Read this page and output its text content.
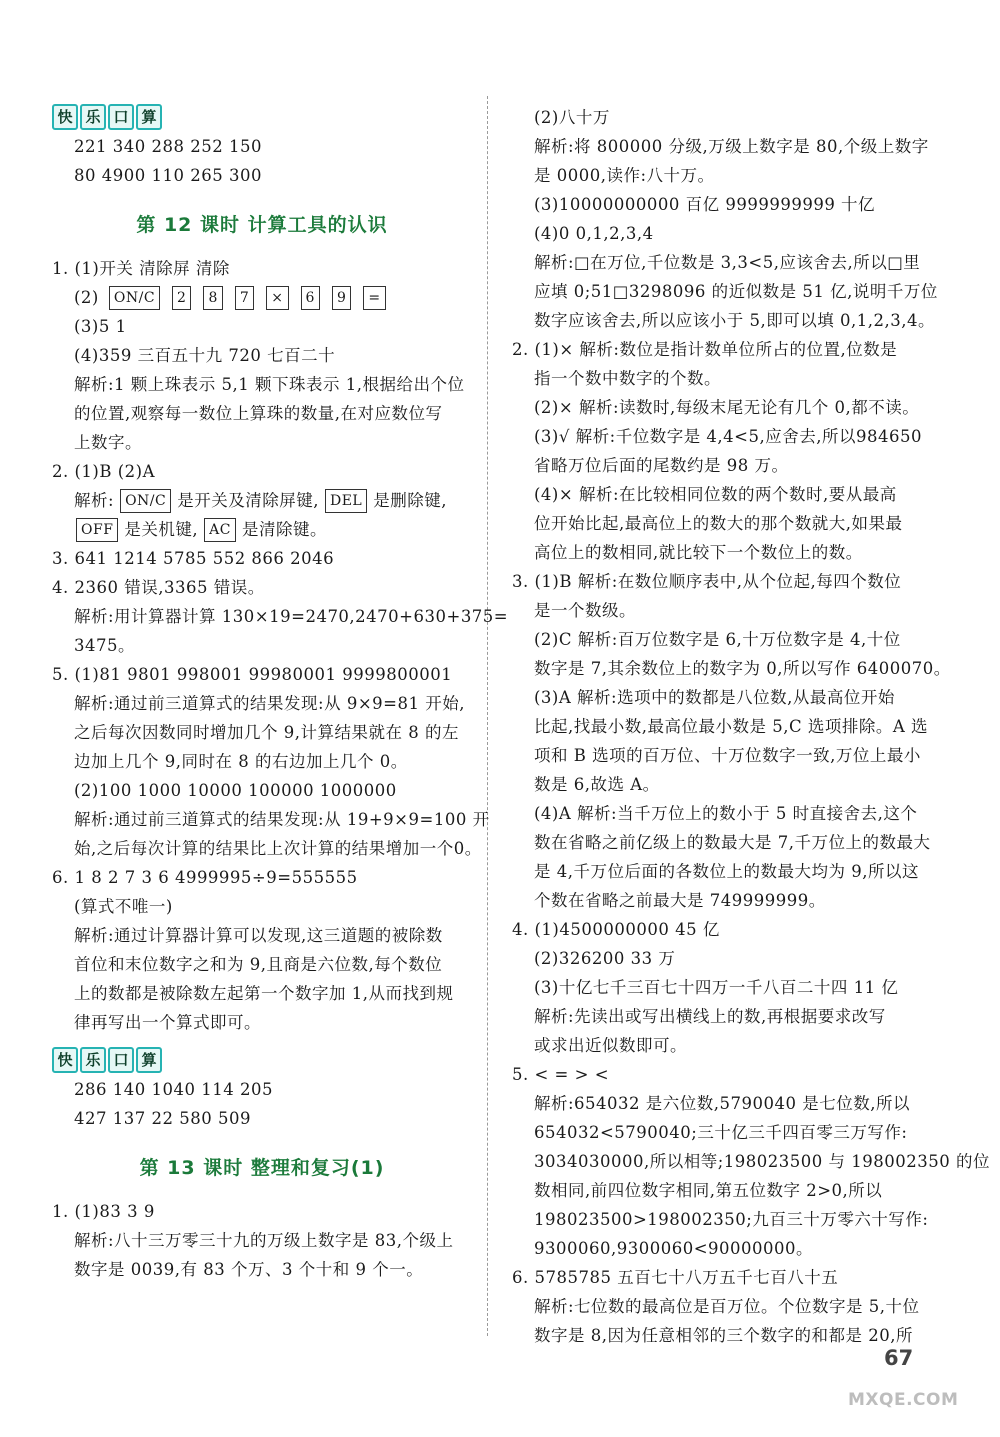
快 乐 口 算
221 340 288 252 150
80 4900 110 265 300
第 12 课时 计算工具的认识
1. (1)开关 清除屏 清除
(2)	ON/C	2	8	7	×	6	9	=
(3)5 1
(4)359 三百五十九 720 七百二十
解析:1 颗上珠表示 5,1 颗下珠表示 1,根据给出个位
的位置,观察每一数位上算珠的数量,在对应数位写
上数字。
2. (1)B (2)A
解析: ON/C 是开关及清除屏键, DEL 是删除键,
OFF 是关机键, AC 是清除键。
3. 641 1214 5785 552 866 2046
4. 2360 错误,3365 错误。
解析:用计算器计算 130×19=2470,2470+630+375=
3475。
5. (1)81 9801 998001 99980001 9999800001
解析:通过前三道算式的结果发现:从 9×9=81 开始,
之后每次因数同时增加几个 9,计算结果就在 8 的左
边加上几个 9,同时在 8 的右边加上几个 0。
(2)100 1000 10000 100000 1000000
解析:通过前三道算式的结果发现:从 19+9×9=100 开
始,之后每次计算的结果比上次计算的结果增加一个0。
6. 1 8 2 7 3 6 4999995÷9=555555
(算式不唯一)
解析:通过计算器计算可以发现,这三道题的被除数
首位和末位数字之和为 9,且商是六位数,每个数位
上的数都是被除数左起第一个数字加 1,从而找到规
律再写出一个算式即可。
快 乐 口 算
286 140 1040 114 205
427 137 22 580 509
第 13 课时 整理和复习(1)
1. (1)83 3 9
解析:八十三万零三十九的万级上数字是 83,个级上
数字是 0039,有 83 个万、3 个十和 9 个一。
(2)八十万
解析:将 800000 分级,万级上数字是 80,个级上数字
是 0000,读作:八十万。
(3)10000000000 百亿 9999999999 十亿
(4)0 0,1,2,3,4
解析:□在万位,千位数是 3,3<5,应该舍去,所以□里
应填 0;51□3298096 的近似数是 51 亿,说明千万位
数字应该舍去,所以应该小于 5,即可以填 0,1,2,3,4。
2. (1)× 解析:数位是指计数单位所占的位置,位数是
指一个数中数字的个数。
(2)× 解析:读数时,每级末尾无论有几个 0,都不读。
(3)√ 解析:千位数字是 4,4<5,应舍去,所以984650
省略万位后面的尾数约是 98 万。
(4)× 解析:在比较相同位数的两个数时,要从最高
位开始比起,最高位上的数大的那个数就大,如果最
高位上的数相同,就比较下一个数位上的数。
3. (1)B 解析:在数位顺序表中,从个位起,每四个数位
是一个数级。
(2)C 解析:百万位数字是 6,十万位数字是 4,十位
数字是 7,其余数位上的数字为 0,所以写作 6400070。
(3)A 解析:选项中的数都是八位数,从最高位开始
比起,找最小数,最高位最小数是 5,C 选项排除。A 选
项和 B 选项的百万位、十万位数字一致,万位上最小
数是 6,故选 A。
(4)A 解析:当千万位上的数小于 5 时直接舍去,这个
数在省略之前亿级上的数最大是 7,千万位上的数最大
是 4,千万位后面的各数位上的数最大均为 9,所以这
个数在省略之前最大是 749999999。
4. (1)4500000000 45 亿
(2)326200 33 万
(3)十亿七千三百七十四万一千八百二十四 11 亿
解析:先读出或写出横线上的数,再根据要求改写
或求出近似数即可。
5. < = > <
解析:654032 是六位数,5790040 是七位数,所以
654032<5790040;三十亿三千四百零三万写作:
3034030000,所以相等;198023500 与 198002350 的位
数相同,前四位数字相同,第五位数字 2>0,所以
198023500>198002350;九百三十万零六十写作:
9300060,9300060<90000000。
6. 5785785 五百七十八万五千七百八十五
解析:七位数的最高位是百万位。个位数字是 5,十位
数字是 8,因为任意相邻的三个数字的和都是 20,所
67
MXQE.COM
